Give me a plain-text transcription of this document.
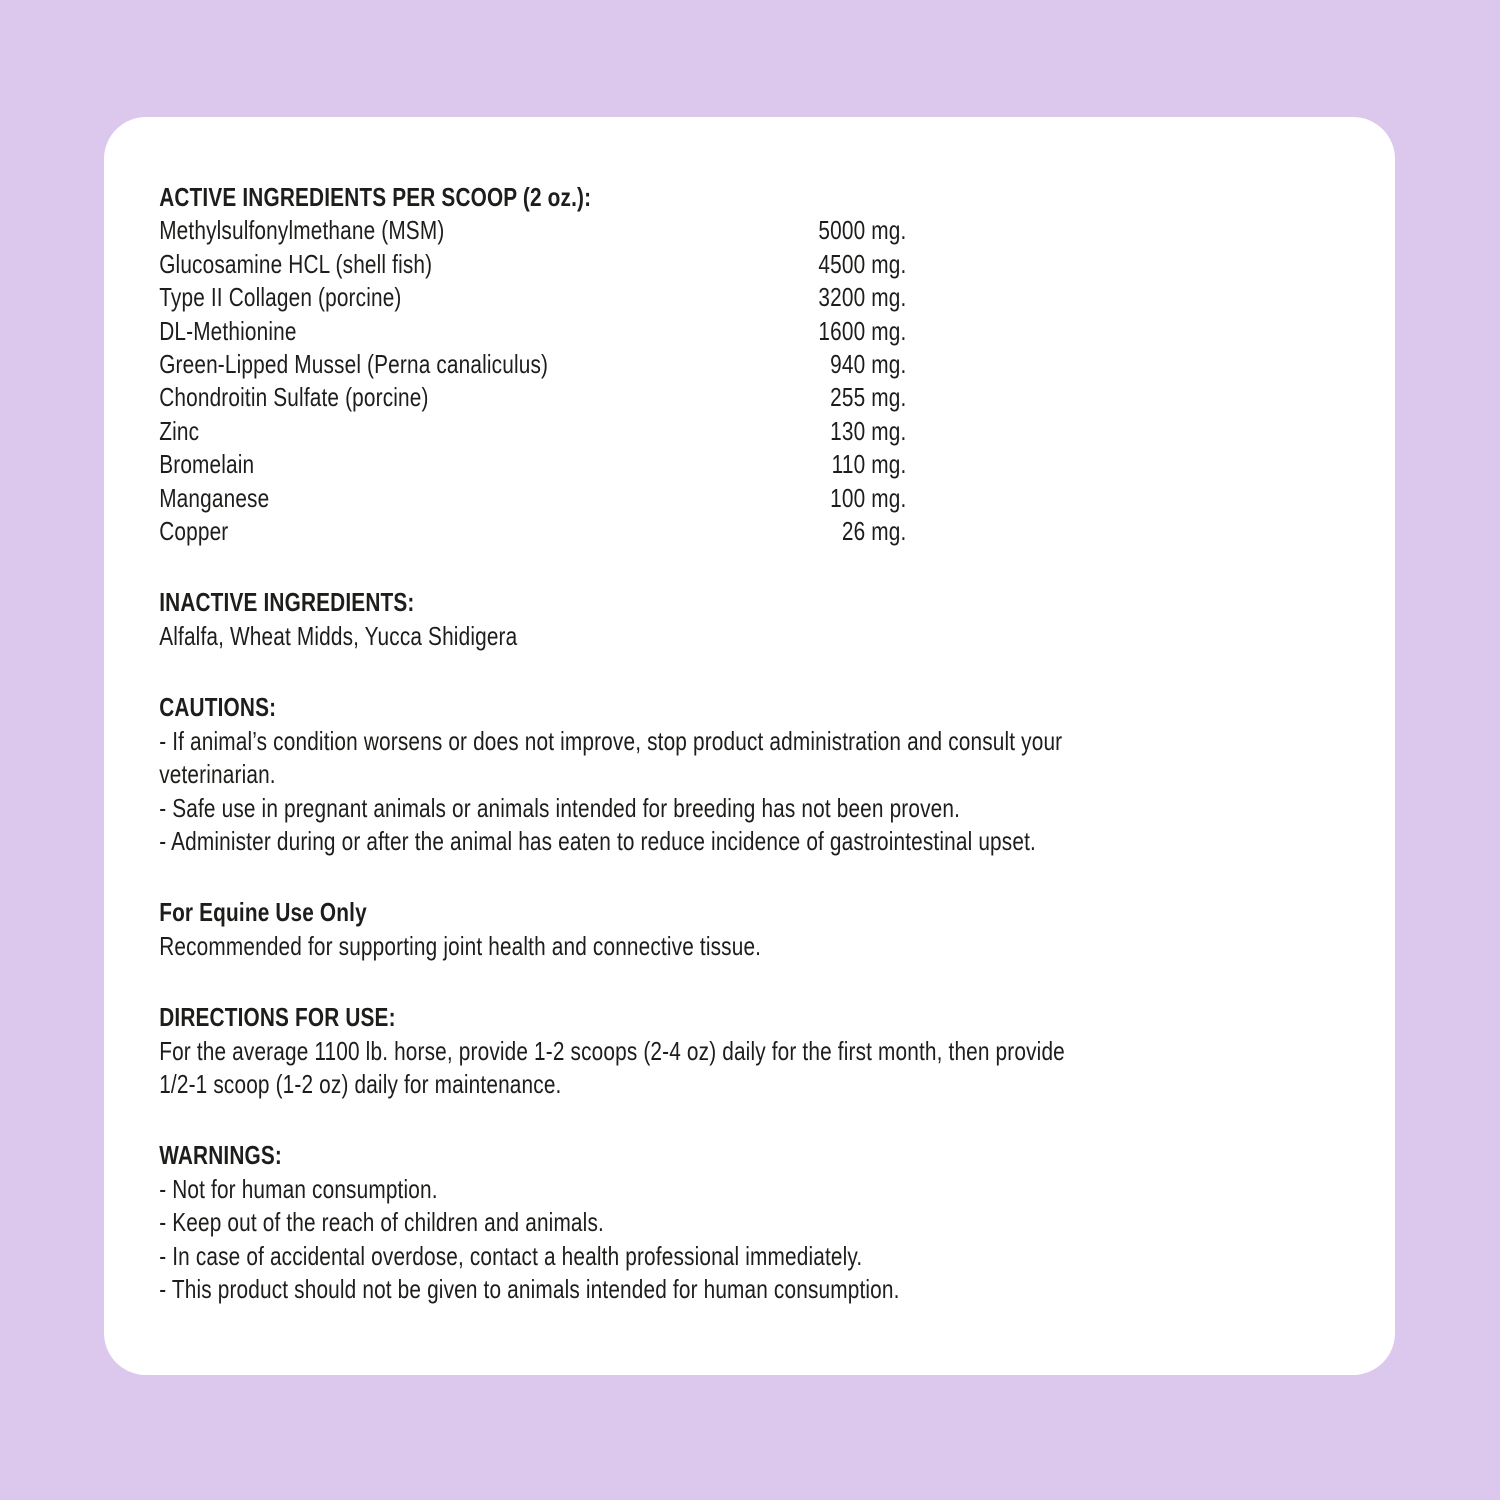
ACTIVE INGREDIENTS PER SCOOP (2 oz.):
Methylsulfonylmethane (MSM)	5000 mg.
Glucosamine HCL (shell fish)	4500 mg.
Type II Collagen (porcine)	3200 mg.
DL-Methionine	1600 mg.
Green-Lipped Mussel (Perna canaliculus)	940 mg.
Chondroitin Sulfate (porcine)	255 mg.
Zinc	130 mg.
Bromelain	110 mg.
Manganese	100 mg.
Copper	26 mg.
INACTIVE INGREDIENTS:
Alfalfa, Wheat Midds, Yucca Shidigera
CAUTIONS:
- If animal’s condition worsens or does not improve, stop product administration and consult your
veterinarian.
- Safe use in pregnant animals or animals intended for breeding has not been proven.
- Administer during or after the animal has eaten to reduce incidence of gastrointestinal upset.
For Equine Use Only
Recommended for supporting joint health and connective tissue.
DIRECTIONS FOR USE:
For the average 1100 lb. horse, provide 1-2 scoops (2-4 oz) daily for the first month, then provide
1/2-1 scoop (1-2 oz) daily for maintenance.
WARNINGS:
- Not for human consumption.
- Keep out of the reach of children and animals.
- In case of accidental overdose, contact a health professional immediately.
- This product should not be given to animals intended for human consumption.
